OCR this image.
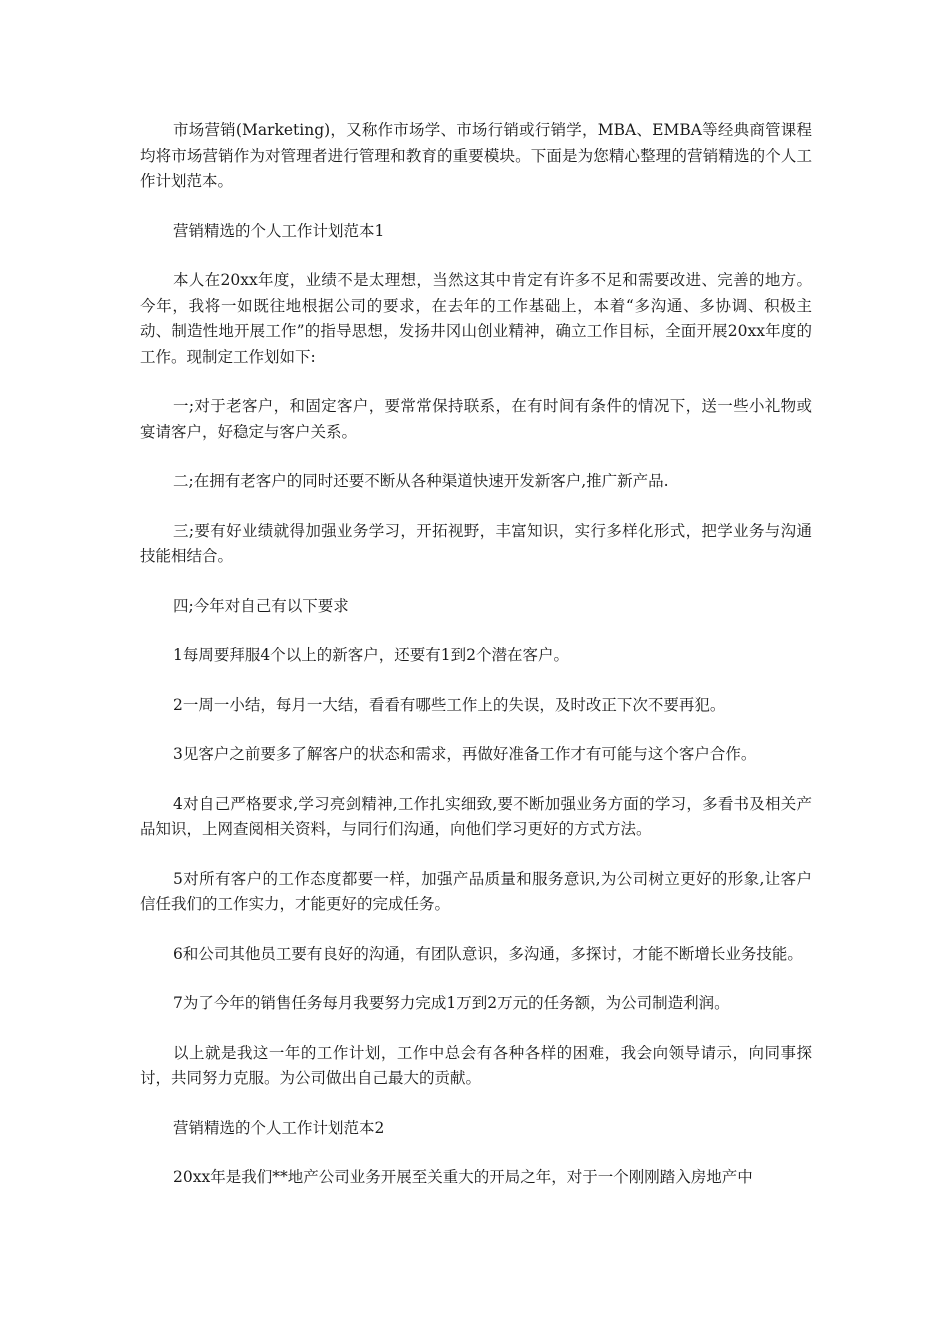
市场营销(Marketing)，又称作市场学、市场行销或行销学，MBA、EMBA等经典商管课程均将市场营销作为对管理者进行管理和教育的重要模块。下面是为您精心整理的营销精选的个人工作计划范本。

营销精选的个人工作计划范本1

本人在20xx年度，业绩不是太理想，当然这其中肯定有许多不足和需要改进、完善的地方。今年，我将一如既往地根据公司的要求，在去年的工作基础上，本着“多沟通、多协调、积极主动、制造性地开展工作”的指导思想，发扬井冈山创业精神，确立工作目标，全面开展20xx年度的工作。现制定工作划如下:

一;对于老客户，和固定客户，要常常保持联系，在有时间有条件的情况下，送一些小礼物或宴请客户，好稳定与客户关系。

二;在拥有老客户的同时还要不断从各种渠道快速开发新客户,推广新产品.

三;要有好业绩就得加强业务学习，开拓视野，丰富知识，实行多样化形式，把学业务与沟通技能相结合。

四;今年对自己有以下要求

1每周要拜服4个以上的新客户，还要有1到2个潜在客户。

2一周一小结，每月一大结，看看有哪些工作上的失误，及时改正下次不要再犯。

3见客户之前要多了解客户的状态和需求，再做好准备工作才有可能与这个客户合作。

4对自己严格要求,学习亮剑精神,工作扎实细致,要不断加强业务方面的学习，多看书及相关产品知识，上网查阅相关资料，与同行们沟通，向他们学习更好的方式方法。

5对所有客户的工作态度都要一样，加强产品质量和服务意识,为公司树立更好的形象,让客户信任我们的工作实力，才能更好的完成任务。

6和公司其他员工要有良好的沟通，有团队意识，多沟通，多探讨，才能不断增长业务技能。

7为了今年的销售任务每月我要努力完成1万到2万元的任务额，为公司制造利润。

以上就是我这一年的工作计划，工作中总会有各种各样的困难，我会向领导请示，向同事探讨，共同努力克服。为公司做出自己最大的贡献。

营销精选的个人工作计划范本2

20xx年是我们**地产公司业务开展至关重大的开局之年，对于一个刚刚踏入房地产中
